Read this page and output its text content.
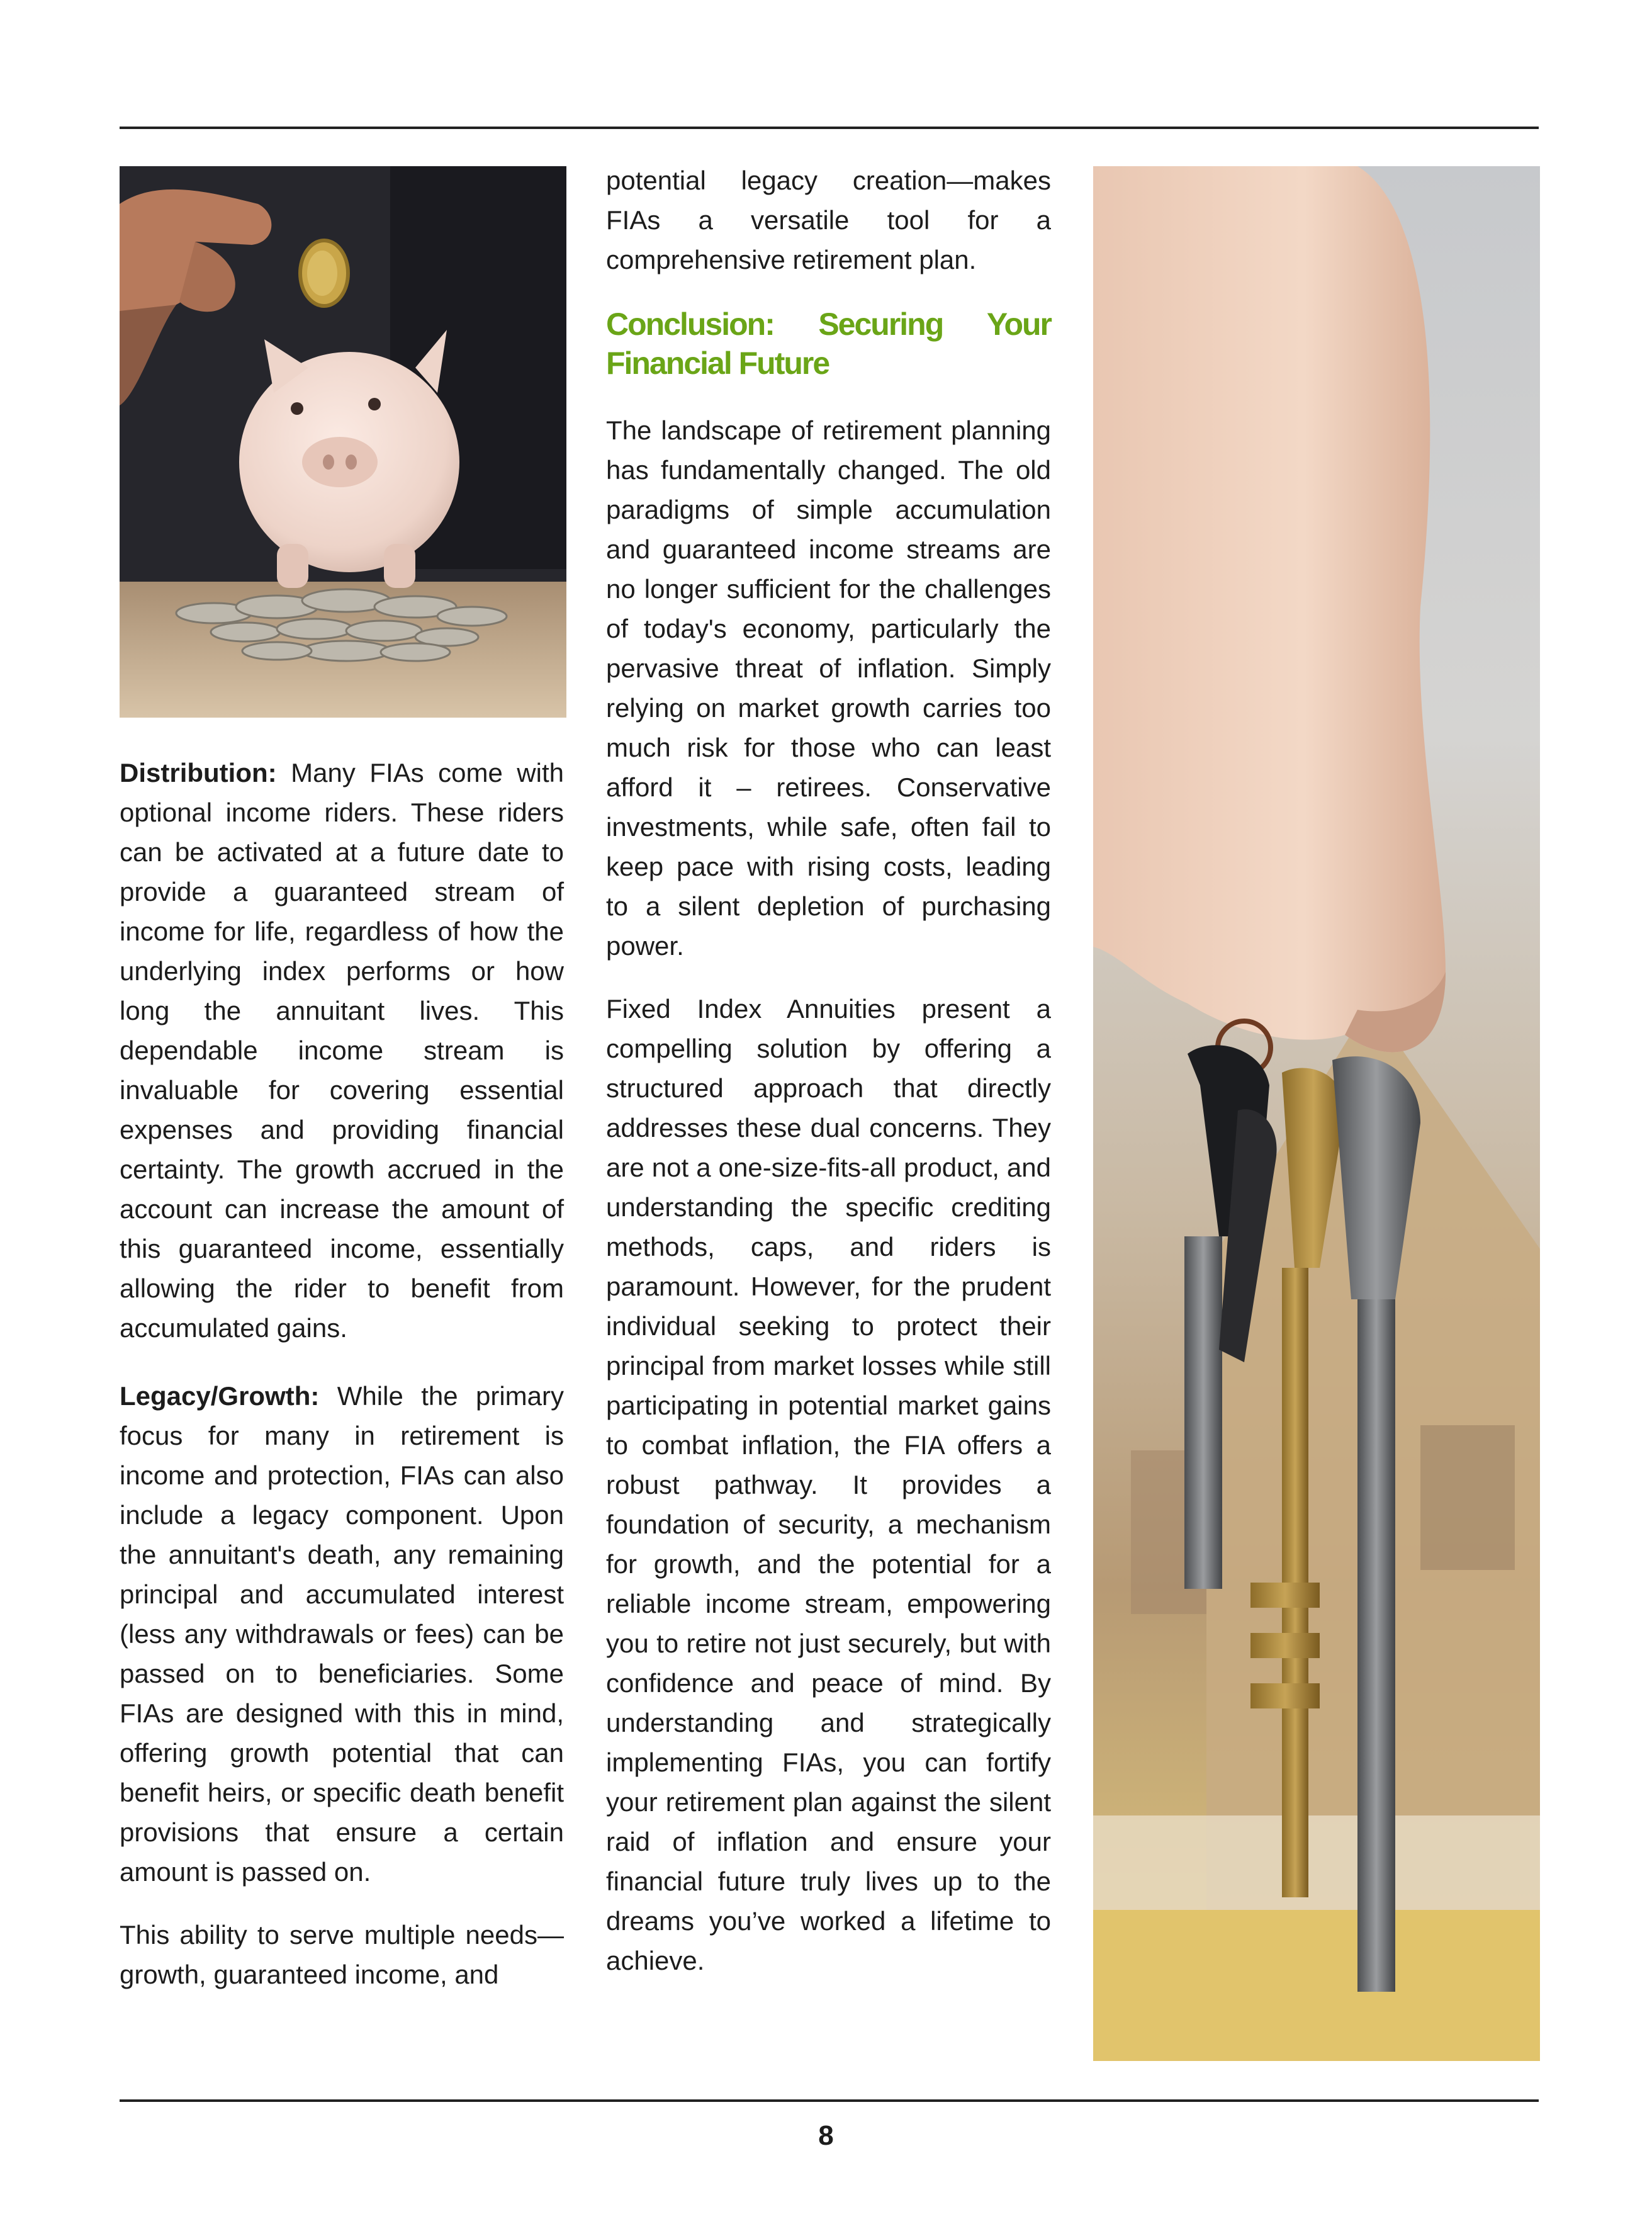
Distribution: Many FIAs come with optional income riders. These riders can be activated at a future date to provide a guaranteed stream of income for life, regardless of how the underlying index performs or how long the annuitant lives. This dependable income stream is invaluable for covering essential expenses and providing financial certainty. The growth accrued in the account can increase the amount of this guaranteed income, essentially allowing the rider to benefit from accumulated gains.

Legacy/Growth: While the primary focus for many in retirement is income and protection, FIAs can also include a legacy component. Upon the annuitant's death, any remaining principal and accumulated interest (less any withdrawals or fees) can be passed on to beneficiaries. Some FIAs are designed with this in mind, offering growth potential that can benefit heirs, or specific death benefit provisions that ensure a certain amount is passed on.

This ability to serve multiple needs—growth, guaranteed income, and

potential legacy creation—makes FIAs a versatile tool for a comprehensive retirement plan.

Conclusion: Securing Your Financial Future

The landscape of retirement planning has fundamentally changed. The old paradigms of simple accumulation and guaranteed income streams are no longer sufficient for the challenges of today's economy, particularly the pervasive threat of inflation. Simply relying on market growth carries too much risk for those who can least afford it – retirees. Conservative investments, while safe, often fail to keep pace with rising costs, leading to a silent depletion of purchasing power.

Fixed Index Annuities present a compelling solution by offering a structured approach that directly addresses these dual concerns. They are not a one-size-fits-all product, and understanding the specific crediting methods, caps, and riders is paramount. However, for the prudent individual seeking to protect their principal from market losses while still participating in potential market gains to combat inflation, the FIA offers a robust pathway. It provides a foundation of security, a mechanism for growth, and the potential for a reliable income stream, empowering you to retire not just securely, but with confidence and peace of mind. By understanding and strategically implementing FIAs, you can fortify your retirement plan against the silent raid of inflation and ensure your financial future truly lives up to the dreams you’ve worked a lifetime to achieve.

8
